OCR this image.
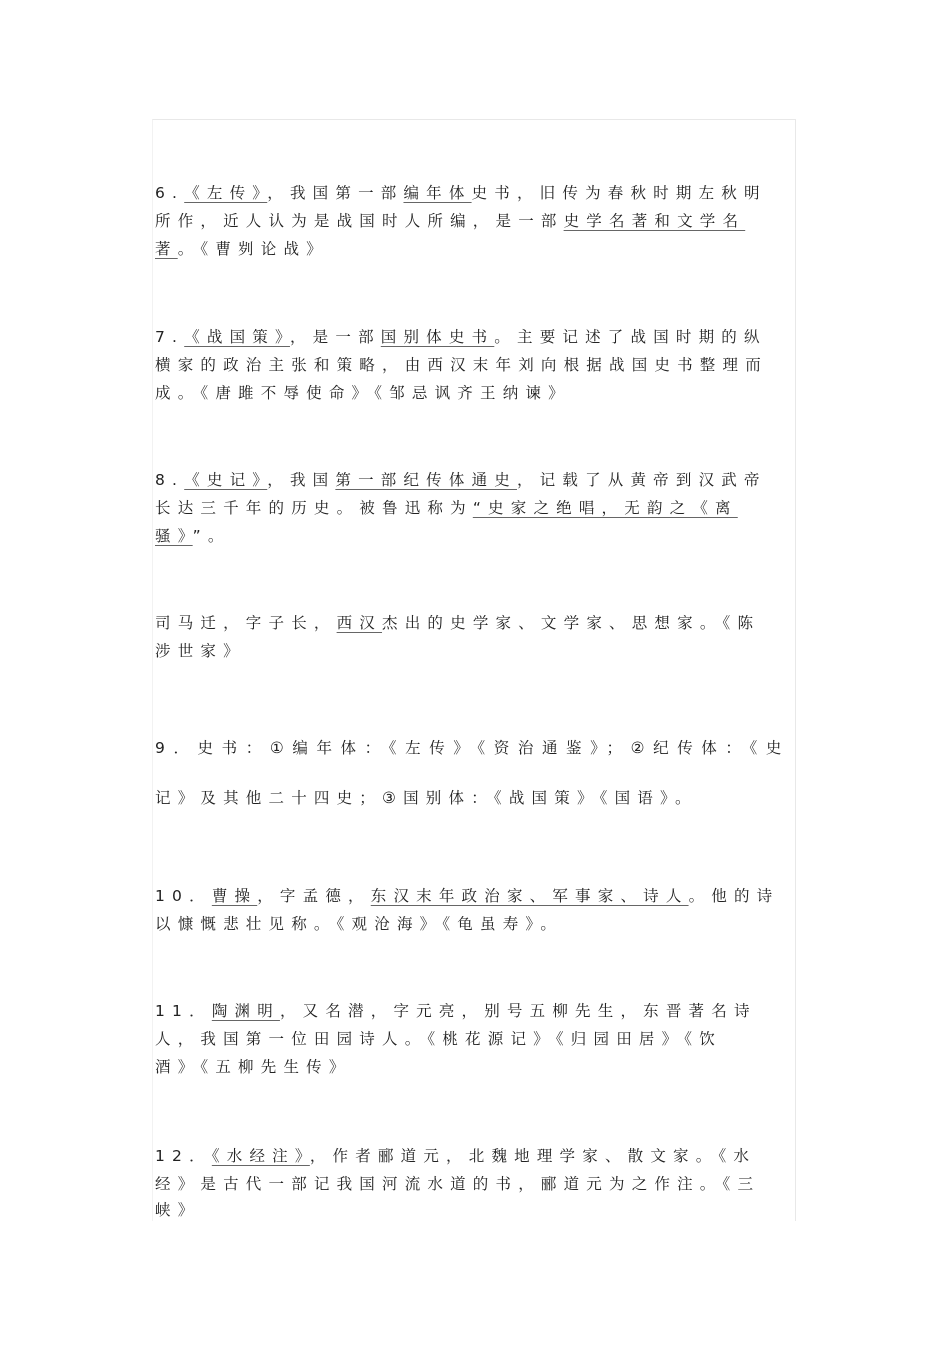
6.《左传》，我国第一部编年体史书，旧传为春秋时期左秋明
所作，近人认为是战国时人所编，是一部史学名著和文学名
著。《曹刿论战》
7.《战国策》，是一部国别体史书。主要记述了战国时期的纵
横家的政治主张和策略，由西汉末年刘向根据战国史书整理而
成。《唐雎不辱使命》《邹忌讽齐王纳谏》
8.《史记》，我国第一部纪传体通史，记载了从黄帝到汉武帝
长达三千年的历史。被鲁迅称为“史家之绝唱，无韵之《离
骚》”。
司马迁，字子长，西汉杰出的史学家、文学家、思想家。《陈
涉世家》
9．史书：①编年体：《左传》《资治通鉴》；②纪传体：《史
记》及其他二十四史；③国别体：《战国策》《国语》。
10．曹操，字孟德，东汉末年政治家、军事家、诗人。他的诗
以慷慨悲壮见称。《观沧海》《龟虽寿》。
11．陶渊明，又名潜，字元亮，别号五柳先生，东晋著名诗
人，我国第一位田园诗人。《桃花源记》《归园田居》《饮
酒》《五柳先生传》
12．《水经注》，作者郦道元，北魏地理学家、散文家。《水
经》是古代一部记我国河流水道的书，郦道元为之作注。《三
峡》
